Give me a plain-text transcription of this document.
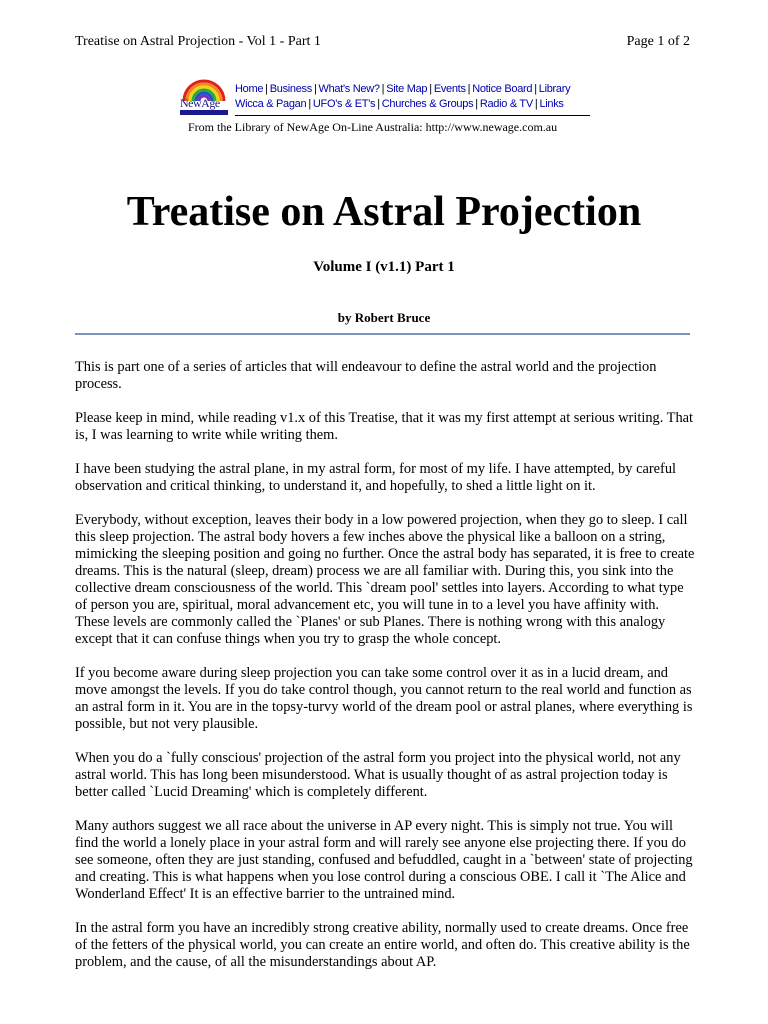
Treatise on Astral Projection - Vol 1 - Part 1	Page 1 of 2
NewAge
Home | Business | What's New? | Site Map | Events | Notice Board | Library
Wicca & Pagan | UFO's & ET's | Churches & Groups | Radio & TV | Links
From the Library of NewAge On-Line Australia: http://www.newage.com.au
Treatise on Astral Projection
Volume I (v1.1) Part 1
by Robert Bruce

This is part one of a series of articles that will endeavour to define the astral world and the projection process.

Please keep in mind, while reading v1.x of this Treatise, that it was my first attempt at serious writing. That is, I was learning to write while writing them.

I have been studying the astral plane, in my astral form, for most of my life. I have attempted, by careful observation and critical thinking, to understand it, and hopefully, to shed a little light on it.

Everybody, without exception, leaves their body in a low powered projection, when they go to sleep. I call this sleep projection. The astral body hovers a few inches above the physical like a balloon on a string, mimicking the sleeping position and going no further. Once the astral body has separated, it is free to create dreams. This is the natural (sleep, dream) process we are all familiar with. During this, you sink into the collective dream consciousness of the world. This `dream pool' settles into layers. According to what type of person you are, spiritual, moral advancement etc, you will tune in to a level you have affinity with. These levels are commonly called the `Planes' or sub Planes. There is nothing wrong with this analogy except that it can confuse things when you try to grasp the whole concept.

If you become aware during sleep projection you can take some control over it as in a lucid dream, and move amongst the levels. If you do take control though, you cannot return to the real world and function as an astral form in it. You are in the topsy-turvy world of the dream pool or astral planes, where everything is possible, but not very plausible.

When you do a `fully conscious' projection of the astral form you project into the physical world, not any astral world. This has long been misunderstood. What is usually thought of as astral projection today is better called `Lucid Dreaming' which is completely different.

Many authors suggest we all race about the universe in AP every night. This is simply not true. You will find the world a lonely place in your astral form and will rarely see anyone else projecting there. If you do see someone, often they are just standing, confused and befuddled, caught in a `between' state of projecting and creating. This is what happens when you lose control during a conscious OBE. I call it `The Alice and Wonderland Effect' It is an effective barrier to the untrained mind.

In the astral form you have an incredibly strong creative ability, normally used to create dreams. Once free of the fetters of the physical world, you can create an entire world, and often do. This creative ability is the problem, and the cause, of all the misunderstandings about AP.
